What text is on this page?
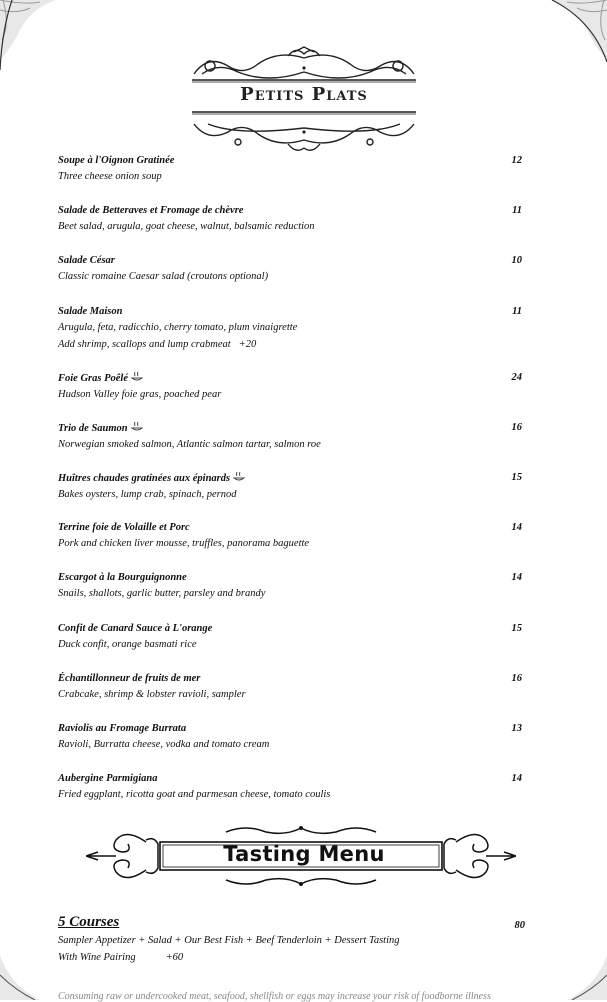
Petits Plats
Soupe à l'Oignon Gratinée
Three cheese onion soup
12
Salade de Betteraves et Fromage de chèvre
Beet salad, arugula, goat cheese, walnut, balsamic reduction
11
Salade César
Classic romaine Caesar salad (croutons optional)
10
Salade Maison
Arugula, feta, radicchio, cherry tomato, plum vinaigrette
Add shrimp, scallops and lump crabmeat +20
11
Foie Gras Poêlé
Hudson Valley foie gras, poached pear
24
Trio de Saumon
Norwegian smoked salmon, Atlantic salmon tartar, salmon roe
16
Huîtres chaudes gratinées aux épinards
Bakes oysters, lump crab, spinach, pernod
15
Terrine foie de Volaille et Porc
Pork and chicken liver mousse, truffles, panorama baguette
14
Escargot à la Bourguignonne
Snails, shallots, garlic butter, parsley and brandy
14
Confit de Canard Sauce à L'orange
Duck confit, orange basmati rice
15
Échantillonneur de fruits de mer
Crabcake, shrimp & lobster ravioli, sampler
16
Raviolis au Fromage Burrata
Ravioli, Burratta cheese, vodka and tomato cream
13
Aubergine Parmigiana
Fried eggplant, ricotta goat and parmesan cheese, tomato coulis
14
Tasting Menu
5 Courses	80
Sampler Appetizer + Salad + Our Best Fish + Beef Tenderloin + Dessert Tasting
With Wine Pairing	+60
Consuming raw or undercooked meat, seafood, shellfish or eggs may increase your risk of foodborne illness
